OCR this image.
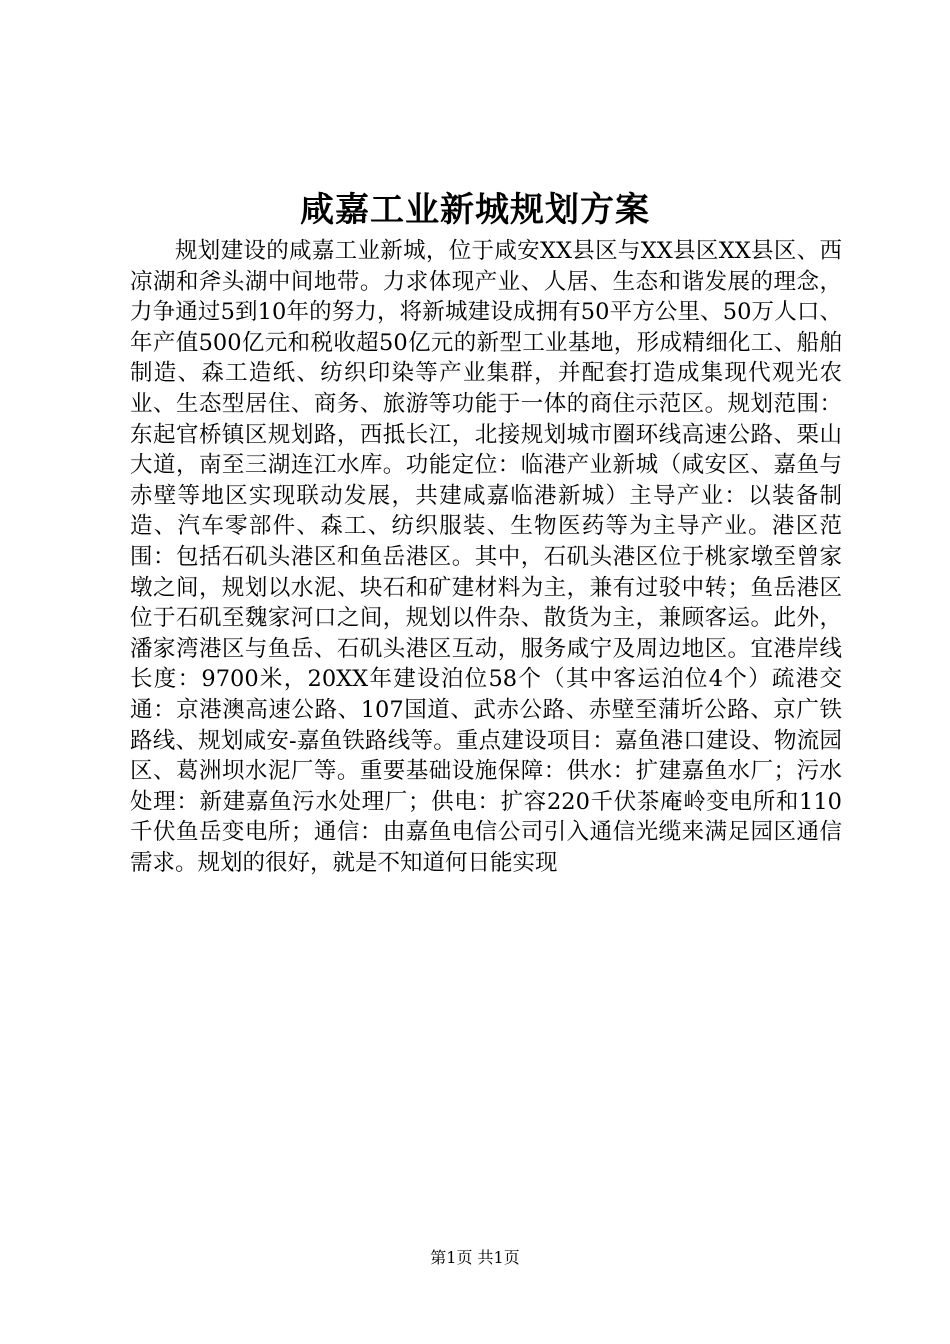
咸嘉工业新城规划方案

规划建设的咸嘉工业新城，位于咸安XX县区与XX县区XX县区、西凉湖和斧头湖中间地带。力求体现产业、人居、生态和谐发展的理念，力争通过5到10年的努力，将新城建设成拥有50平方公里、50万人口、年产值500亿元和税收超50亿元的新型工业基地，形成精细化工、船舶制造、森工造纸、纺织印染等产业集群，并配套打造成集现代观光农业、生态型居住、商务、旅游等功能于一体的商住示范区。规划范围：东起官桥镇区规划路，西抵长江，北接规划城市圈环线高速公路、栗山大道，南至三湖连江水库。功能定位：临港产业新城（咸安区、嘉鱼与赤壁等地区实现联动发展，共建咸嘉临港新城）主导产业：以装备制造、汽车零部件、森工、纺织服装、生物医药等为主导产业。港区范围：包括石矶头港区和鱼岳港区。其中，石矶头港区位于桃家墩至曾家墩之间，规划以水泥、块石和矿建材料为主，兼有过驳中转；鱼岳港区位于石矶至魏家河口之间，规划以件杂、散货为主，兼顾客运。此外，潘家湾港区与鱼岳、石矶头港区互动，服务咸宁及周边地区。宜港岸线长度：9700米，20XX年建设泊位58个（其中客运泊位4个）疏港交通：京港澳高速公路、107国道、武赤公路、赤壁至蒲圻公路、京广铁路线、规划咸安-嘉鱼铁路线等。重点建设项目：嘉鱼港口建设、物流园区、葛洲坝水泥厂等。重要基础设施保障：供水：扩建嘉鱼水厂；污水处理：新建嘉鱼污水处理厂；供电：扩容220千伏茶庵岭变电所和110千伏鱼岳变电所；通信：由嘉鱼电信公司引入通信光缆来满足园区通信需求。规划的很好，就是不知道何日能实现

第1页 共1页
